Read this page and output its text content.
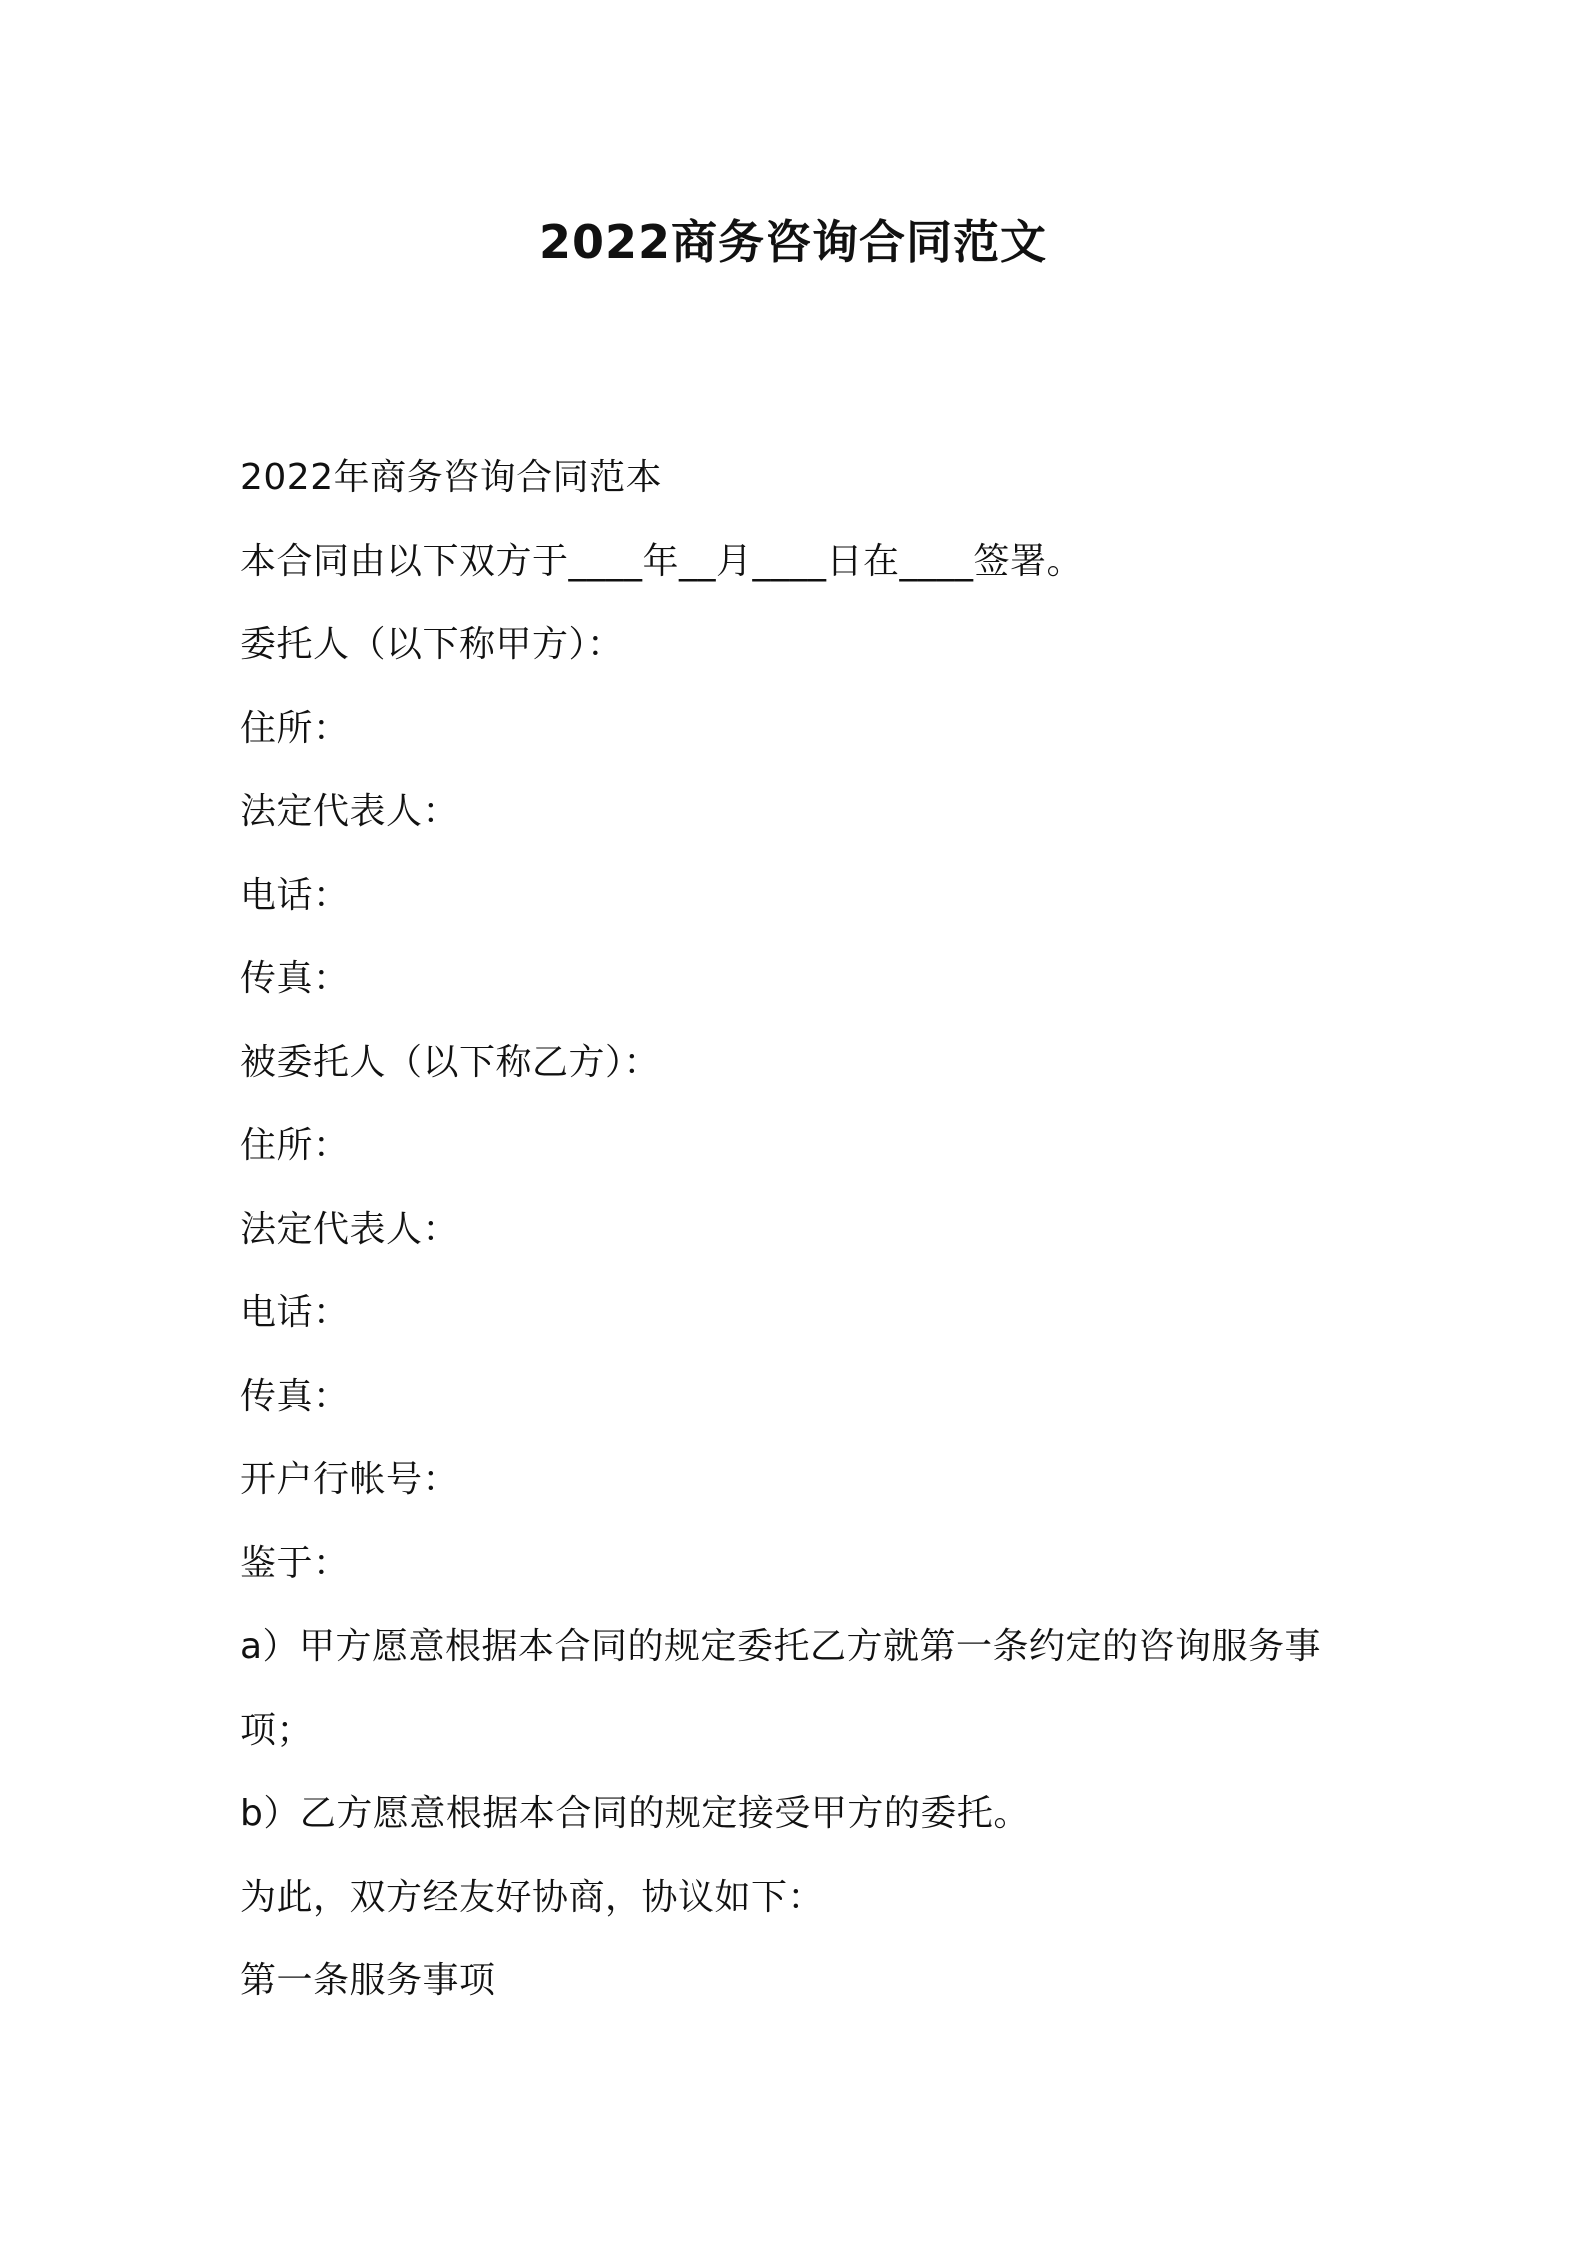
2022商务咨询合同范文
2022年商务咨询合同范本
本合同由以下双方于____年__月____日在____签署。
委托人（以下称甲方）：
住所：
法定代表人：
电话：
传真：
被委托人（以下称乙方）：
住所：
法定代表人：
电话：
传真：
开户行帐号：
鉴于：
a）甲方愿意根据本合同的规定委托乙方就第一条约定的咨询服务事
项；
b）乙方愿意根据本合同的规定接受甲方的委托。
为此，双方经友好协商，协议如下：
第一条服务事项
